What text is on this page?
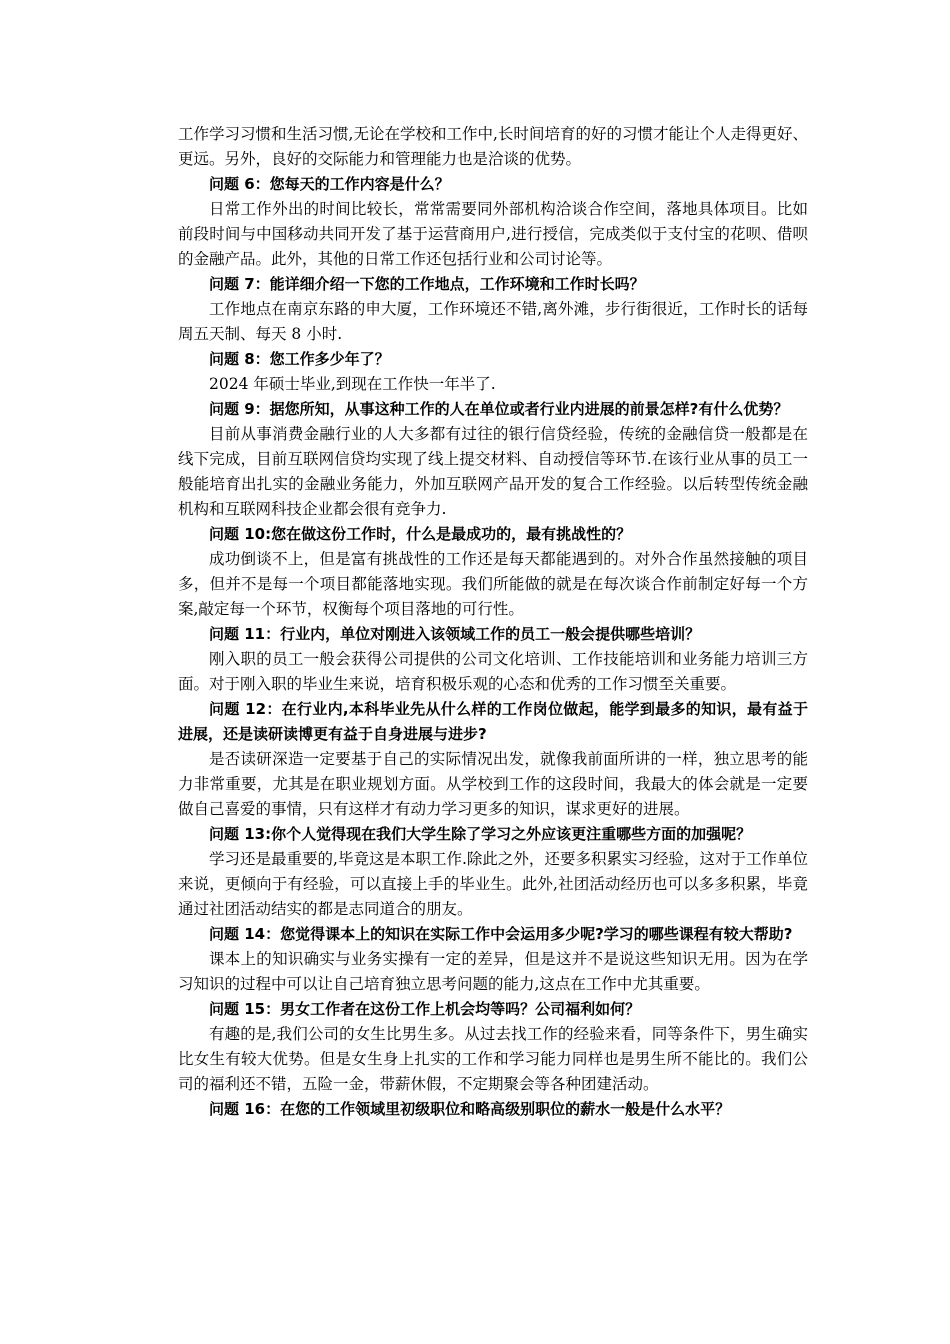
工作学习习惯和生活习惯,无论在学校和工作中,长时间培育的好的习惯才能让个人走得更好、更远。另外，良好的交际能力和管理能力也是洽谈的优势。

问题 6：您每天的工作内容是什么？

日常工作外出的时间比较长，常常需要同外部机构洽谈合作空间，落地具体项目。比如前段时间与中国移动共同开发了基于运营商用户,进行授信，完成类似于支付宝的花呗、借呗的金融产品。此外，其他的日常工作还包括行业和公司讨论等。

问题 7：能详细介绍一下您的工作地点，工作环境和工作时长吗？

工作地点在南京东路的申大厦，工作环境还不错,离外滩，步行街很近，工作时长的话每周五天制、每天 8 小时.

问题 8：您工作多少年了？

2024 年硕士毕业,到现在工作快一年半了.

问题 9：据您所知，从事这种工作的人在单位或者行业内进展的前景怎样?有什么优势？

目前从事消费金融行业的人大多都有过往的银行信贷经验，传统的金融信贷一般都是在线下完成，目前互联网信贷均实现了线上提交材料、自动授信等环节.在该行业从事的员工一般能培育出扎实的金融业务能力，外加互联网产品开发的复合工作经验。以后转型传统金融机构和互联网科技企业都会很有竞争力.

问题 10:您在做这份工作时，什么是最成功的，最有挑战性的？

成功倒谈不上，但是富有挑战性的工作还是每天都能遇到的。对外合作虽然接触的项目多，但并不是每一个项目都能落地实现。我们所能做的就是在每次谈合作前制定好每一个方案,敲定每一个环节，权衡每个项目落地的可行性。

问题 11：行业内，单位对刚进入该领域工作的员工一般会提供哪些培训？

刚入职的员工一般会获得公司提供的公司文化培训、工作技能培训和业务能力培训三方面。对于刚入职的毕业生来说，培育积极乐观的心态和优秀的工作习惯至关重要。

问题 12：在行业内,本科毕业先从什么样的工作岗位做起，能学到最多的知识，最有益于进展，还是读研读博更有益于自身进展与进步?

是否读研深造一定要基于自己的实际情况出发，就像我前面所讲的一样，独立思考的能力非常重要，尤其是在职业规划方面。从学校到工作的这段时间，我最大的体会就是一定要做自己喜爱的事情，只有这样才有动力学习更多的知识，谋求更好的进展。

问题 13:你个人觉得现在我们大学生除了学习之外应该更注重哪些方面的加强呢？

学习还是最重要的,毕竟这是本职工作.除此之外，还要多积累实习经验，这对于工作单位来说，更倾向于有经验，可以直接上手的毕业生。此外,社团活动经历也可以多多积累，毕竟通过社团活动结实的都是志同道合的朋友。

问题 14：您觉得课本上的知识在实际工作中会运用多少呢?学习的哪些课程有较大帮助?

课本上的知识确实与业务实操有一定的差异，但是这并不是说这些知识无用。因为在学习知识的过程中可以让自己培育独立思考问题的能力,这点在工作中尤其重要。

问题 15：男女工作者在这份工作上机会均等吗？公司福利如何？

有趣的是,我们公司的女生比男生多。从过去找工作的经验来看，同等条件下，男生确实比女生有较大优势。但是女生身上扎实的工作和学习能力同样也是男生所不能比的。我们公司的福利还不错，五险一金，带薪休假，不定期聚会等各种团建活动。

问题 16：在您的工作领域里初级职位和略高级别职位的薪水一般是什么水平？
